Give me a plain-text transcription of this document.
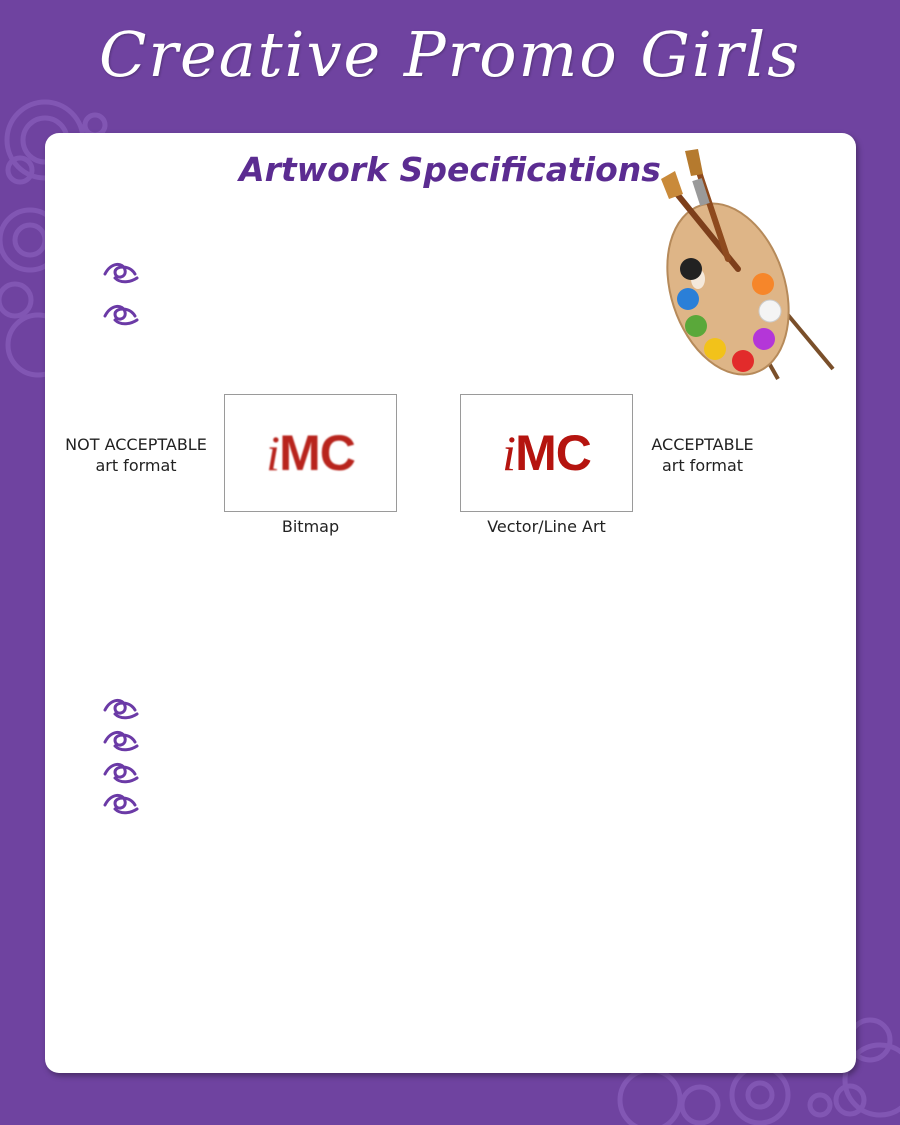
Creative Promo Girls
Artwork Specifications
NOT ACCEPTABLE
art format	iMC
Bitmap
iMC
Vector/Line Art
ACCEPTABLE
art format
